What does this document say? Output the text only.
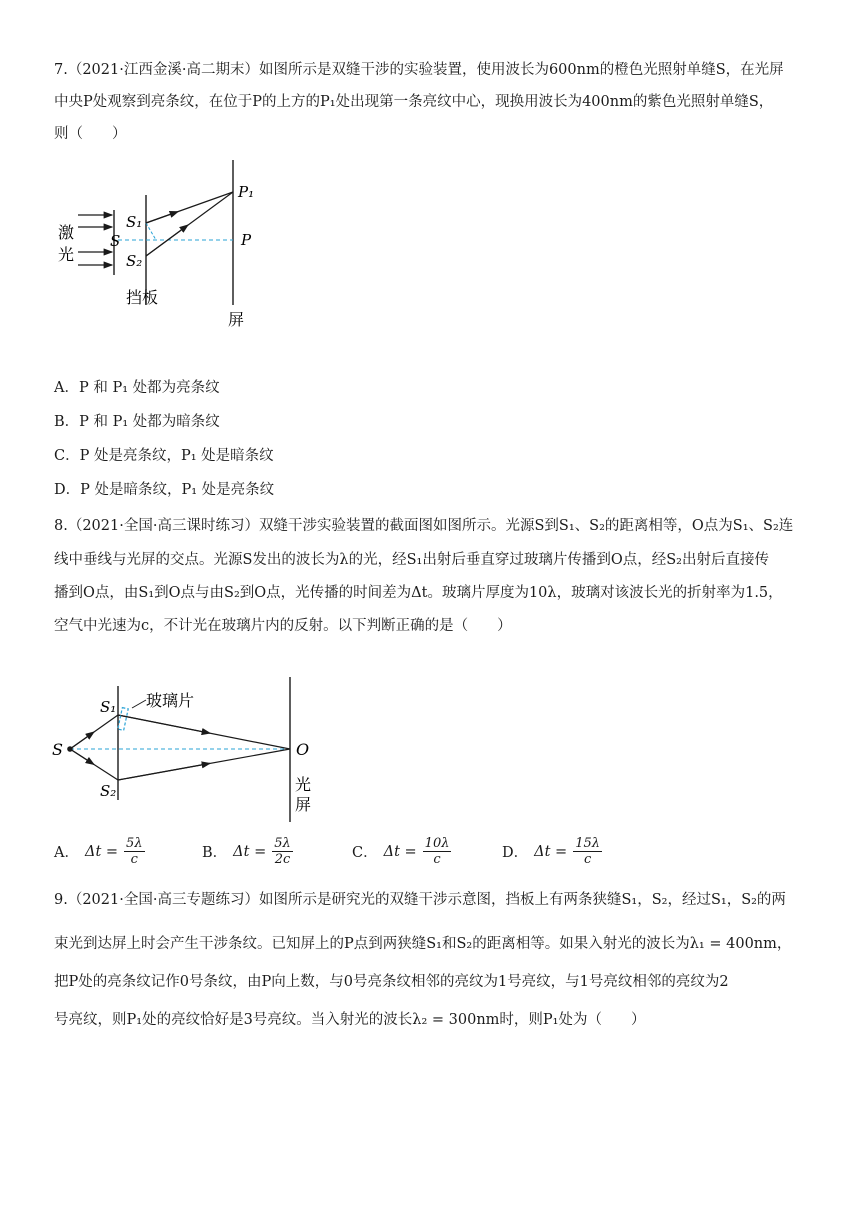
7.（2021·江西金溪·高二期末）如图所示是双缝干涉的实验装置，使用波长为600nm的橙色光照射单缝S，在光屏
中央P处观察到亮条纹，在位于P的上方的P₁处出现第一条亮纹中心，现换用波长为400nm的紫色光照射单缝S，
则（　　）
激
光
S
S₁
S₂
P₁
P
挡板
屏
A．P 和 P₁ 处都为亮条纹
B．P 和 P₁ 处都为暗条纹
C．P 处是亮条纹，P₁ 处是暗条纹
D．P 处是暗条纹，P₁ 处是亮条纹
8.（2021·全国·高三课时练习）双缝干涉实验装置的截面图如图所示。光源S到S₁、S₂的距离相等，O点为S₁、S₂连
线中垂线与光屏的交点。光源S发出的波长为λ的光，经S₁出射后垂直穿过玻璃片传播到O点，经S₂出射后直接传
播到O点，由S₁到O点与由S₂到O点，光传播的时间差为Δt。玻璃片厚度为10λ，玻璃对该波长光的折射率为1.5，
空气中光速为c，不计光在玻璃片内的反射。以下判断正确的是（　　）
S
S₁
S₂
玻璃片
O
光
屏
A． $\Delta t = \frac{5\lambda}{c}$	B． $\Delta t = \frac{5\lambda}{2c}$	C． $\Delta t = \frac{10\lambda}{c}$	D． $\Delta t = \frac{15\lambda}{c}$
9.（2021·全国·高三专题练习）如图所示是研究光的双缝干涉示意图，挡板上有两条狭缝S₁，S₂，经过S₁，S₂的两
束光到达屏上时会产生干涉条纹。已知屏上的P点到两狭缝S₁和S₂的距离相等。如果入射光的波长为λ₁ = 400nm，
把P处的亮条纹记作0号条纹，由P向上数，与0号亮条纹相邻的亮纹为1号亮纹，与1号亮纹相邻的亮纹为2
号亮纹，则P₁处的亮纹恰好是3号亮纹。当入射光的波长λ₂ = 300nm时，则P₁处为（　　）
